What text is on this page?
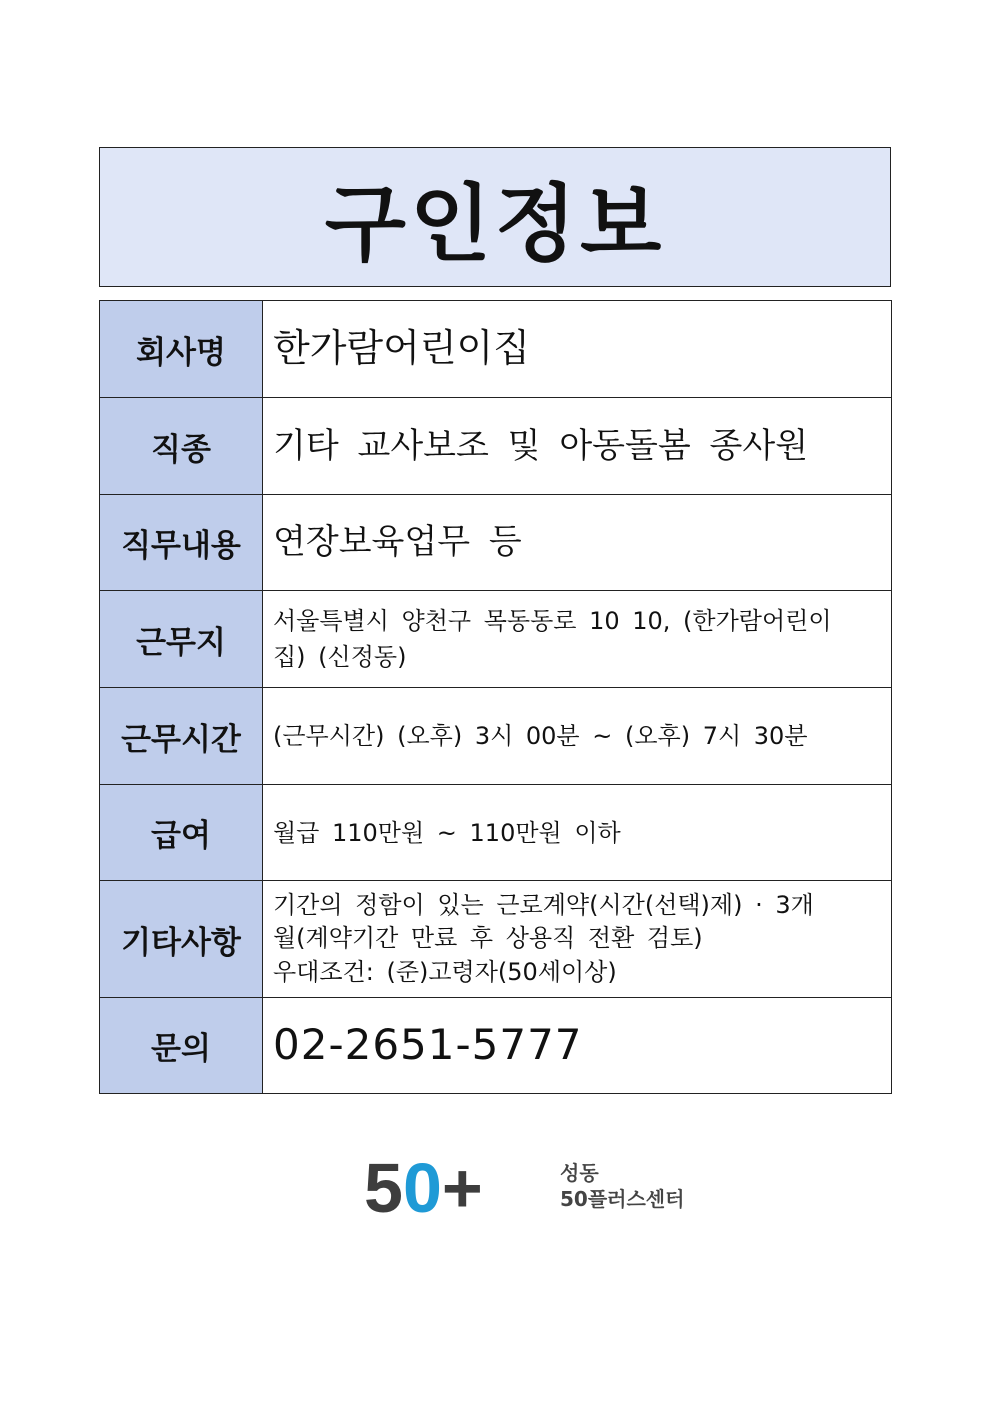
구인정보
회사명	한가람어린이집
직종	기타 교사보조 및 아동돌봄 종사원
직무내용	연장보육업무 등
근무지	서울특별시 양천구 목동동로 10 10, (한가람어린이
집) (신정동)

근무시간	(근무시간) (오후) 3시 00분 ~ (오후) 7시 30분
급여	월급 110만원 ~ 110만원 이하
기타사항	기간의 정함이 있는 근로계약(시간(선택)제) · 3개
월(계약기간 만료 후 상용직 전환 검토)
우대조건: (준)고령자(50세이상)

문의	02-2651-5777
50+	성동
50플러스센터
